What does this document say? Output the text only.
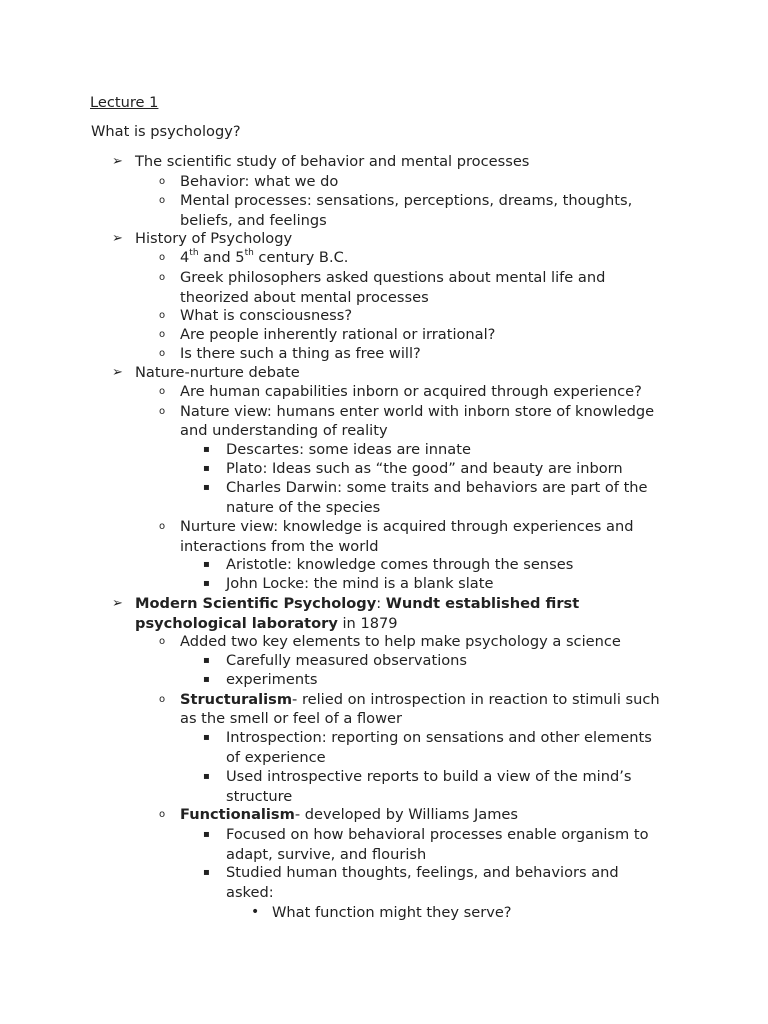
Lecture 1
What is psychology?
➢ The scientific study of behavior and mental processes
o Behavior: what we do
o Mental processes: sensations, perceptions, dreams, thoughts,
beliefs, and feelings
➢ History of Psychology
o 4th and 5th century B.C.
o Greek philosophers asked questions about mental life and
theorized about mental processes
o What is consciousness?
o Are people inherently rational or irrational?
o Is there such a thing as free will?
➢ Nature-nurture debate
o Are human capabilities inborn or acquired through experience?
o Nature view: humans enter world with inborn store of knowledge
and understanding of reality
▪ Descartes: some ideas are innate
▪ Plato: Ideas such as “the good” and beauty are inborn
▪ Charles Darwin: some traits and behaviors are part of the
nature of the species
o Nurture view: knowledge is acquired through experiences and
interactions from the world
▪ Aristotle: knowledge comes through the senses
▪ John Locke: the mind is a blank slate
➢ Modern Scientific Psychology: Wundt established first
psychological laboratory in 1879
o Added two key elements to help make psychology a science
▪ Carefully measured observations
▪ experiments
o Structuralism- relied on introspection in reaction to stimuli such
as the smell or feel of a flower
▪ Introspection: reporting on sensations and other elements
of experience
▪ Used introspective reports to build a view of the mind’s
structure
o Functionalism- developed by Williams James
▪ Focused on how behavioral processes enable organism to
adapt, survive, and flourish
▪ Studied human thoughts, feelings, and behaviors and
asked:
• What function might they serve?
